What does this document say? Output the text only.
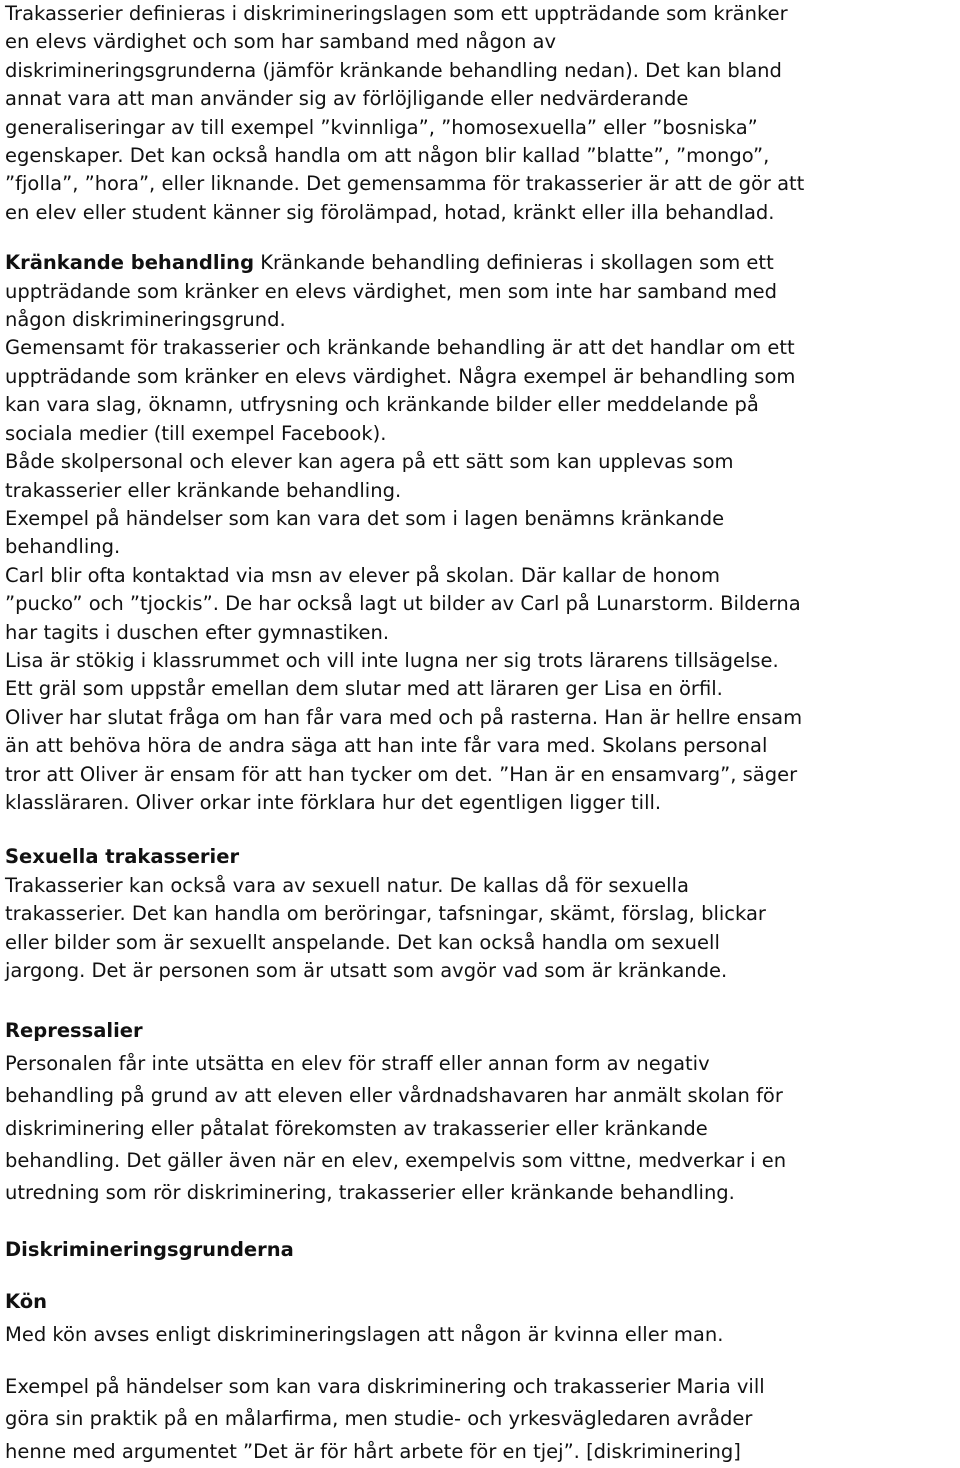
Trakasserier definieras i diskrimineringslagen som ett uppträdande som kränker
en elevs värdighet och som har samband med någon av
diskrimineringsgrunderna (jämför kränkande behandling nedan). Det kan bland
annat vara att man använder sig av förlöjligande eller nedvärderande
generaliseringar av till exempel ”kvinnliga”, ”homosexuella” eller ”bosniska”
egenskaper. Det kan också handla om att någon blir kallad ”blatte”, ”mongo”,
”fjolla”, ”hora”, eller liknande. Det gemensamma för trakasserier är att de gör att
en elev eller student känner sig förolämpad, hotad, kränkt eller illa behandlad.

Kränkande behandling Kränkande behandling definieras i skollagen som ett
uppträdande som kränker en elevs värdighet, men som inte har samband med
någon diskrimineringsgrund.
Gemensamt för trakasserier och kränkande behandling är att det handlar om ett
uppträdande som kränker en elevs värdighet. Några exempel är behandling som
kan vara slag, öknamn, utfrysning och kränkande bilder eller meddelande på
sociala medier (till exempel Facebook).
Både skolpersonal och elever kan agera på ett sätt som kan upplevas som
trakasserier eller kränkande behandling.
Exempel på händelser som kan vara det som i lagen benämns kränkande
behandling.
Carl blir ofta kontaktad via msn av elever på skolan. Där kallar de honom
”pucko” och ”tjockis”. De har också lagt ut bilder av Carl på Lunarstorm. Bilderna
har tagits i duschen efter gymnastiken.
Lisa är stökig i klassrummet och vill inte lugna ner sig trots lärarens tillsägelse.
Ett gräl som uppstår emellan dem slutar med att läraren ger Lisa en örfil.
Oliver har slutat fråga om han får vara med och på rasterna. Han är hellre ensam
än att behöva höra de andra säga att han inte får vara med. Skolans personal
tror att Oliver är ensam för att han tycker om det. ”Han är en ensamvarg”, säger
klassläraren. Oliver orkar inte förklara hur det egentligen ligger till.

Sexuella trakasserier
Trakasserier kan också vara av sexuell natur. De kallas då för sexuella
trakasserier. Det kan handla om beröringar, tafsningar, skämt, förslag, blickar
eller bilder som är sexuellt anspelande. Det kan också handla om sexuell
jargong. Det är personen som är utsatt som avgör vad som är kränkande.

Repressalier
Personalen får inte utsätta en elev för straff eller annan form av negativ
behandling på grund av att eleven eller vårdnadshavaren har anmält skolan för
diskriminering eller påtalat förekomsten av trakasserier eller kränkande
behandling. Det gäller även när en elev, exempelvis som vittne, medverkar i en
utredning som rör diskriminering, trakasserier eller kränkande behandling.

Diskrimineringsgrunderna

Kön
Med kön avses enligt diskrimineringslagen att någon är kvinna eller man.

Exempel på händelser som kan vara diskriminering och trakasserier Maria vill
göra sin praktik på en målarfirma, men studie- och yrkesvägledaren avråder
henne med argumentet ”Det är för hårt arbete för en tjej”. [diskriminering]
